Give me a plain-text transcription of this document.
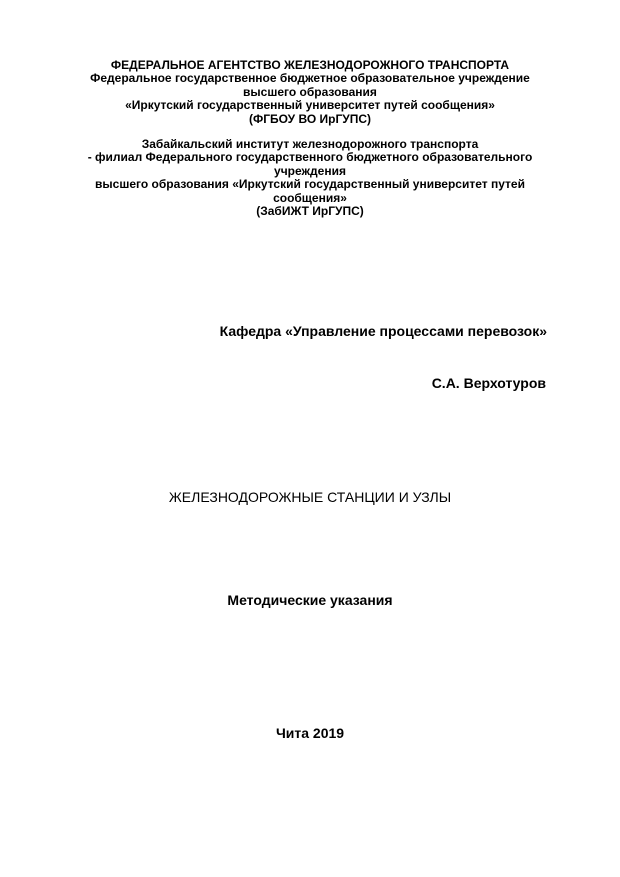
ФЕДЕРАЛЬНОЕ АГЕНТСТВО ЖЕЛЕЗНОДОРОЖНОГО ТРАНСПОРТА
Федеральное государственное бюджетное образовательное учреждение
высшего образования
«Иркутский государственный университет путей сообщения»
(ФГБОУ ВО ИрГУПС)
Забайкальский институт железнодорожного транспорта
- филиал Федерального государственного бюджетного образовательного
учреждения
высшего образования «Иркутский государственный университет путей
сообщения»
(ЗабИЖТ ИрГУПС)
Кафедра «Управление процессами перевозок»
С.А. Верхотуров
ЖЕЛЕЗНОДОРОЖНЫЕ СТАНЦИИ И УЗЛЫ
Методические указания
Чита 2019
